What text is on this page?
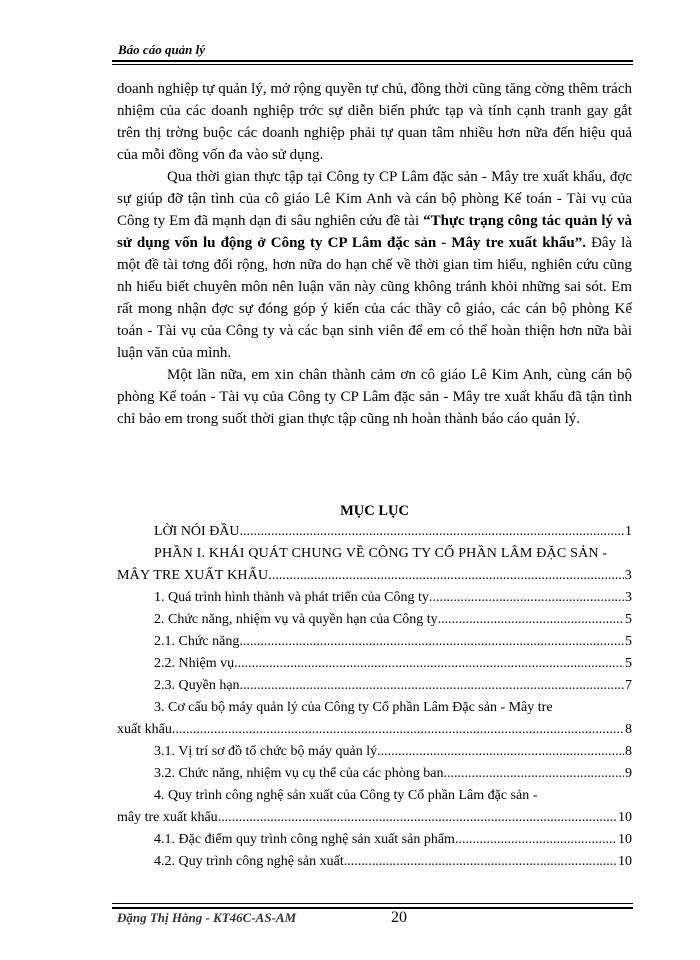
Báo cáo quản lý

doanh nghiệp tự quản lý, mở rộng quyền tự chủ, đồng thời cũng tăng cờng thêm trách nhiệm của các doanh nghiệp trớc sự diễn biến phức tạp và tính cạnh tranh gay gắt trên thị trờng buộc các doanh nghiệp phải tự quan tâm nhiều hơn nữa đến hiệu quả của mỗi đồng vốn đa vào sử dụng.

Qua thời gian thực tập tại Công ty CP Lâm đặc sản - Mây tre xuất khẩu, đợc sự giúp đỡ tận tình của cô giáo Lê Kim Anh và cán bộ phòng Kế toán - Tài vụ của Công ty Em đã mạnh dạn đi sâu nghiên cứu đề tài “Thực trạng công tác quản lý và sử dụng vốn lu động ở Công ty CP Lâm đặc sản - Mây tre xuất khẩu”. Đây là một đề tài tơng đối rộng, hơn nữa do hạn chế về thời gian tìm hiểu, nghiên cứu cũng nh hiểu biết chuyên môn nên luận văn này cũng không tránh khỏi những sai sót. Em rất mong nhận đợc sự đóng góp ý kiến của các thầy cô giáo, các cán bộ phòng Kế toán - Tài vụ của Công ty và các bạn sinh viên để em có thể hoàn thiện hơn nữa bài luận văn của mình.

Một lần nữa, em xin chân thành cảm ơn cô giáo Lê Kim Anh, cùng cán bộ phòng Kế toán - Tài vụ của Công ty CP Lâm đặc sản - Mây tre xuất khẩu đã tận tình chỉ bảo em trong suốt thời gian thực tập cũng nh hoàn thành báo cáo quản lý.

MỤC LỤC
LỜI NÓI ĐẦU .....	1
PHẦN I. KHÁI QUÁT CHUNG VỀ CÔNG TY CỔ PHẦN LÂM ĐẶC SẢN -
MÂY TRE XUẤT KHẨU .....	3
1. Quá trình hình thành và phát triển của Công ty .....	3
2. Chức năng, nhiệm vụ và quyền hạn của Công ty .....	5
2.1. Chức năng .....	5
2.2. Nhiệm vụ .....	5
2.3. Quyền hạn .....	7
3. Cơ cấu bộ máy quản lý của Công ty Cổ phần Lâm Đặc sản - Mây tre
xuất khẩu .....	8
3.1. Vị trí sơ đồ tổ chức bộ máy quản lý .....	8
3.2. Chức năng, nhiệm vụ cụ thể của các phòng ban .....	9
4. Quy trình công nghệ sản xuất của Công ty Cổ phần Lâm đặc sản -
mây tre xuất khẩu .....	10
4.1. Đặc điểm quy trình công nghệ sản xuất sản phẩm .....	10
4.2. Quy trình công nghệ sản xuất .....	10
Đặng Thị Hằng - KT46C-AS-AM	20
